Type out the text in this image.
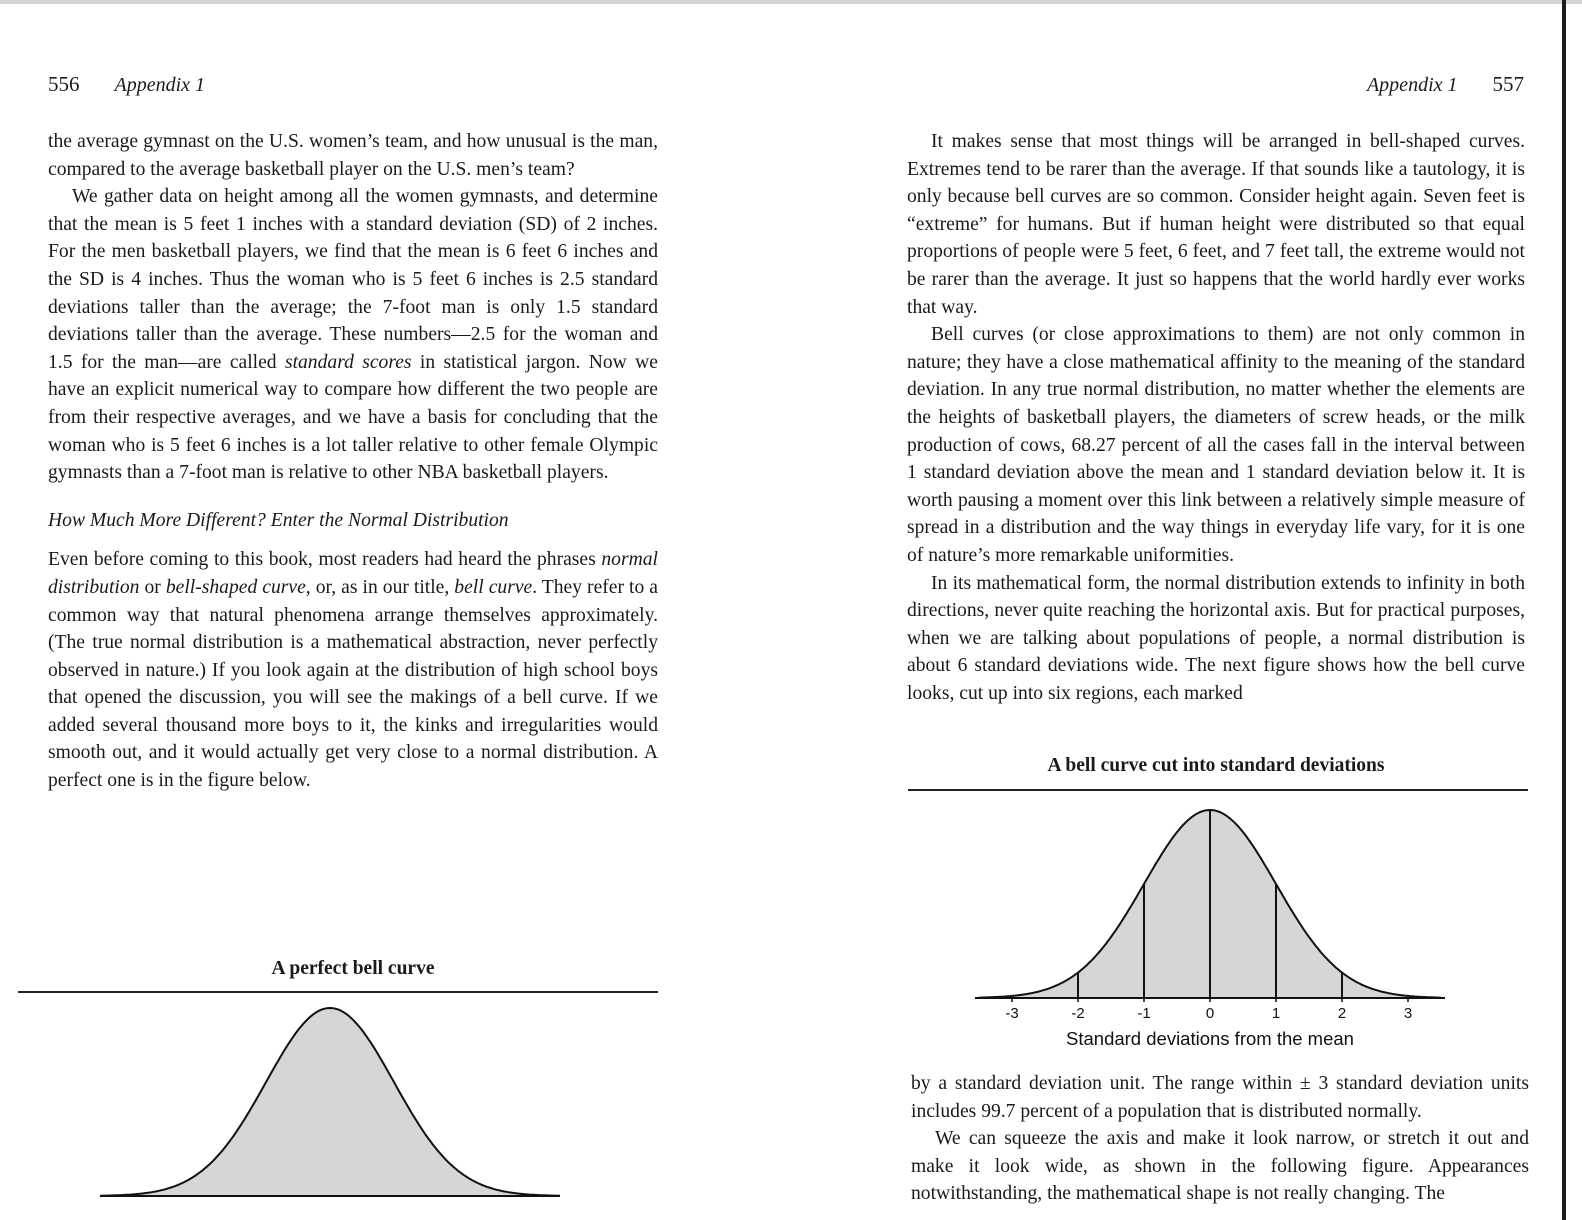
556 Appendix 1

the average gymnast on the U.S. women’s team, and how unusual is the man, compared to the average basketball player on the U.S. men’s team?

We gather data on height among all the women gymnasts, and determine that the mean is 5 feet 1 inches with a standard deviation (SD) of 2 inches. For the men basketball players, we find that the mean is 6 feet 6 inches and the SD is 4 inches. Thus the woman who is 5 feet 6 inches is 2.5 standard deviations taller than the average; the 7-foot man is only 1.5 standard deviations taller than the average. These numbers—2.5 for the woman and 1.5 for the man—are called standard scores in statistical jargon. Now we have an explicit numerical way to compare how different the two people are from their respective averages, and we have a basis for concluding that the woman who is 5 feet 6 inches is a lot taller relative to other female Olympic gymnasts than a 7-foot man is relative to other NBA basketball players.

How Much More Different? Enter the Normal Distribution

Even before coming to this book, most readers had heard the phrases normal distribution or bell-shaped curve, or, as in our title, bell curve. They refer to a common way that natural phenomena arrange themselves approximately. (The true normal distribution is a mathematical abstraction, never perfectly observed in nature.) If you look again at the distribution of high school boys that opened the discussion, you will see the makings of a bell curve. If we added several thousand more boys to it, the kinks and irregularities would smooth out, and it would actually get very close to a normal distribution. A perfect one is in the figure below.

A perfect bell curve
Appendix 1 557

It makes sense that most things will be arranged in bell-shaped curves. Extremes tend to be rarer than the average. If that sounds like a tautology, it is only because bell curves are so common. Consider height again. Seven feet is “extreme” for humans. But if human height were distributed so that equal proportions of people were 5 feet, 6 feet, and 7 feet tall, the extreme would not be rarer than the average. It just so happens that the world hardly ever works that way.

Bell curves (or close approximations to them) are not only common in nature; they have a close mathematical affinity to the meaning of the standard deviation. In any true normal distribution, no matter whether the elements are the heights of basketball players, the diameters of screw heads, or the milk production of cows, 68.27 percent of all the cases fall in the interval between 1 standard deviation above the mean and 1 standard deviation below it. It is worth pausing a moment over this link between a relatively simple measure of spread in a distribution and the way things in everyday life vary, for it is one of nature’s more remarkable uniformities.

In its mathematical form, the normal distribution extends to infinity in both directions, never quite reaching the horizontal axis. But for practical purposes, when we are talking about populations of people, a normal distribution is about 6 standard deviations wide. The next figure shows how the bell curve looks, cut up into six regions, each marked

A bell curve cut into standard deviations
-3	-2	-1	0	1	2	3
Standard deviations from the mean

by a standard deviation unit. The range within ± 3 standard deviation units includes 99.7 percent of a population that is distributed normally.

We can squeeze the axis and make it look narrow, or stretch it out and make it look wide, as shown in the following figure. Appearances notwithstanding, the mathematical shape is not really changing. The
